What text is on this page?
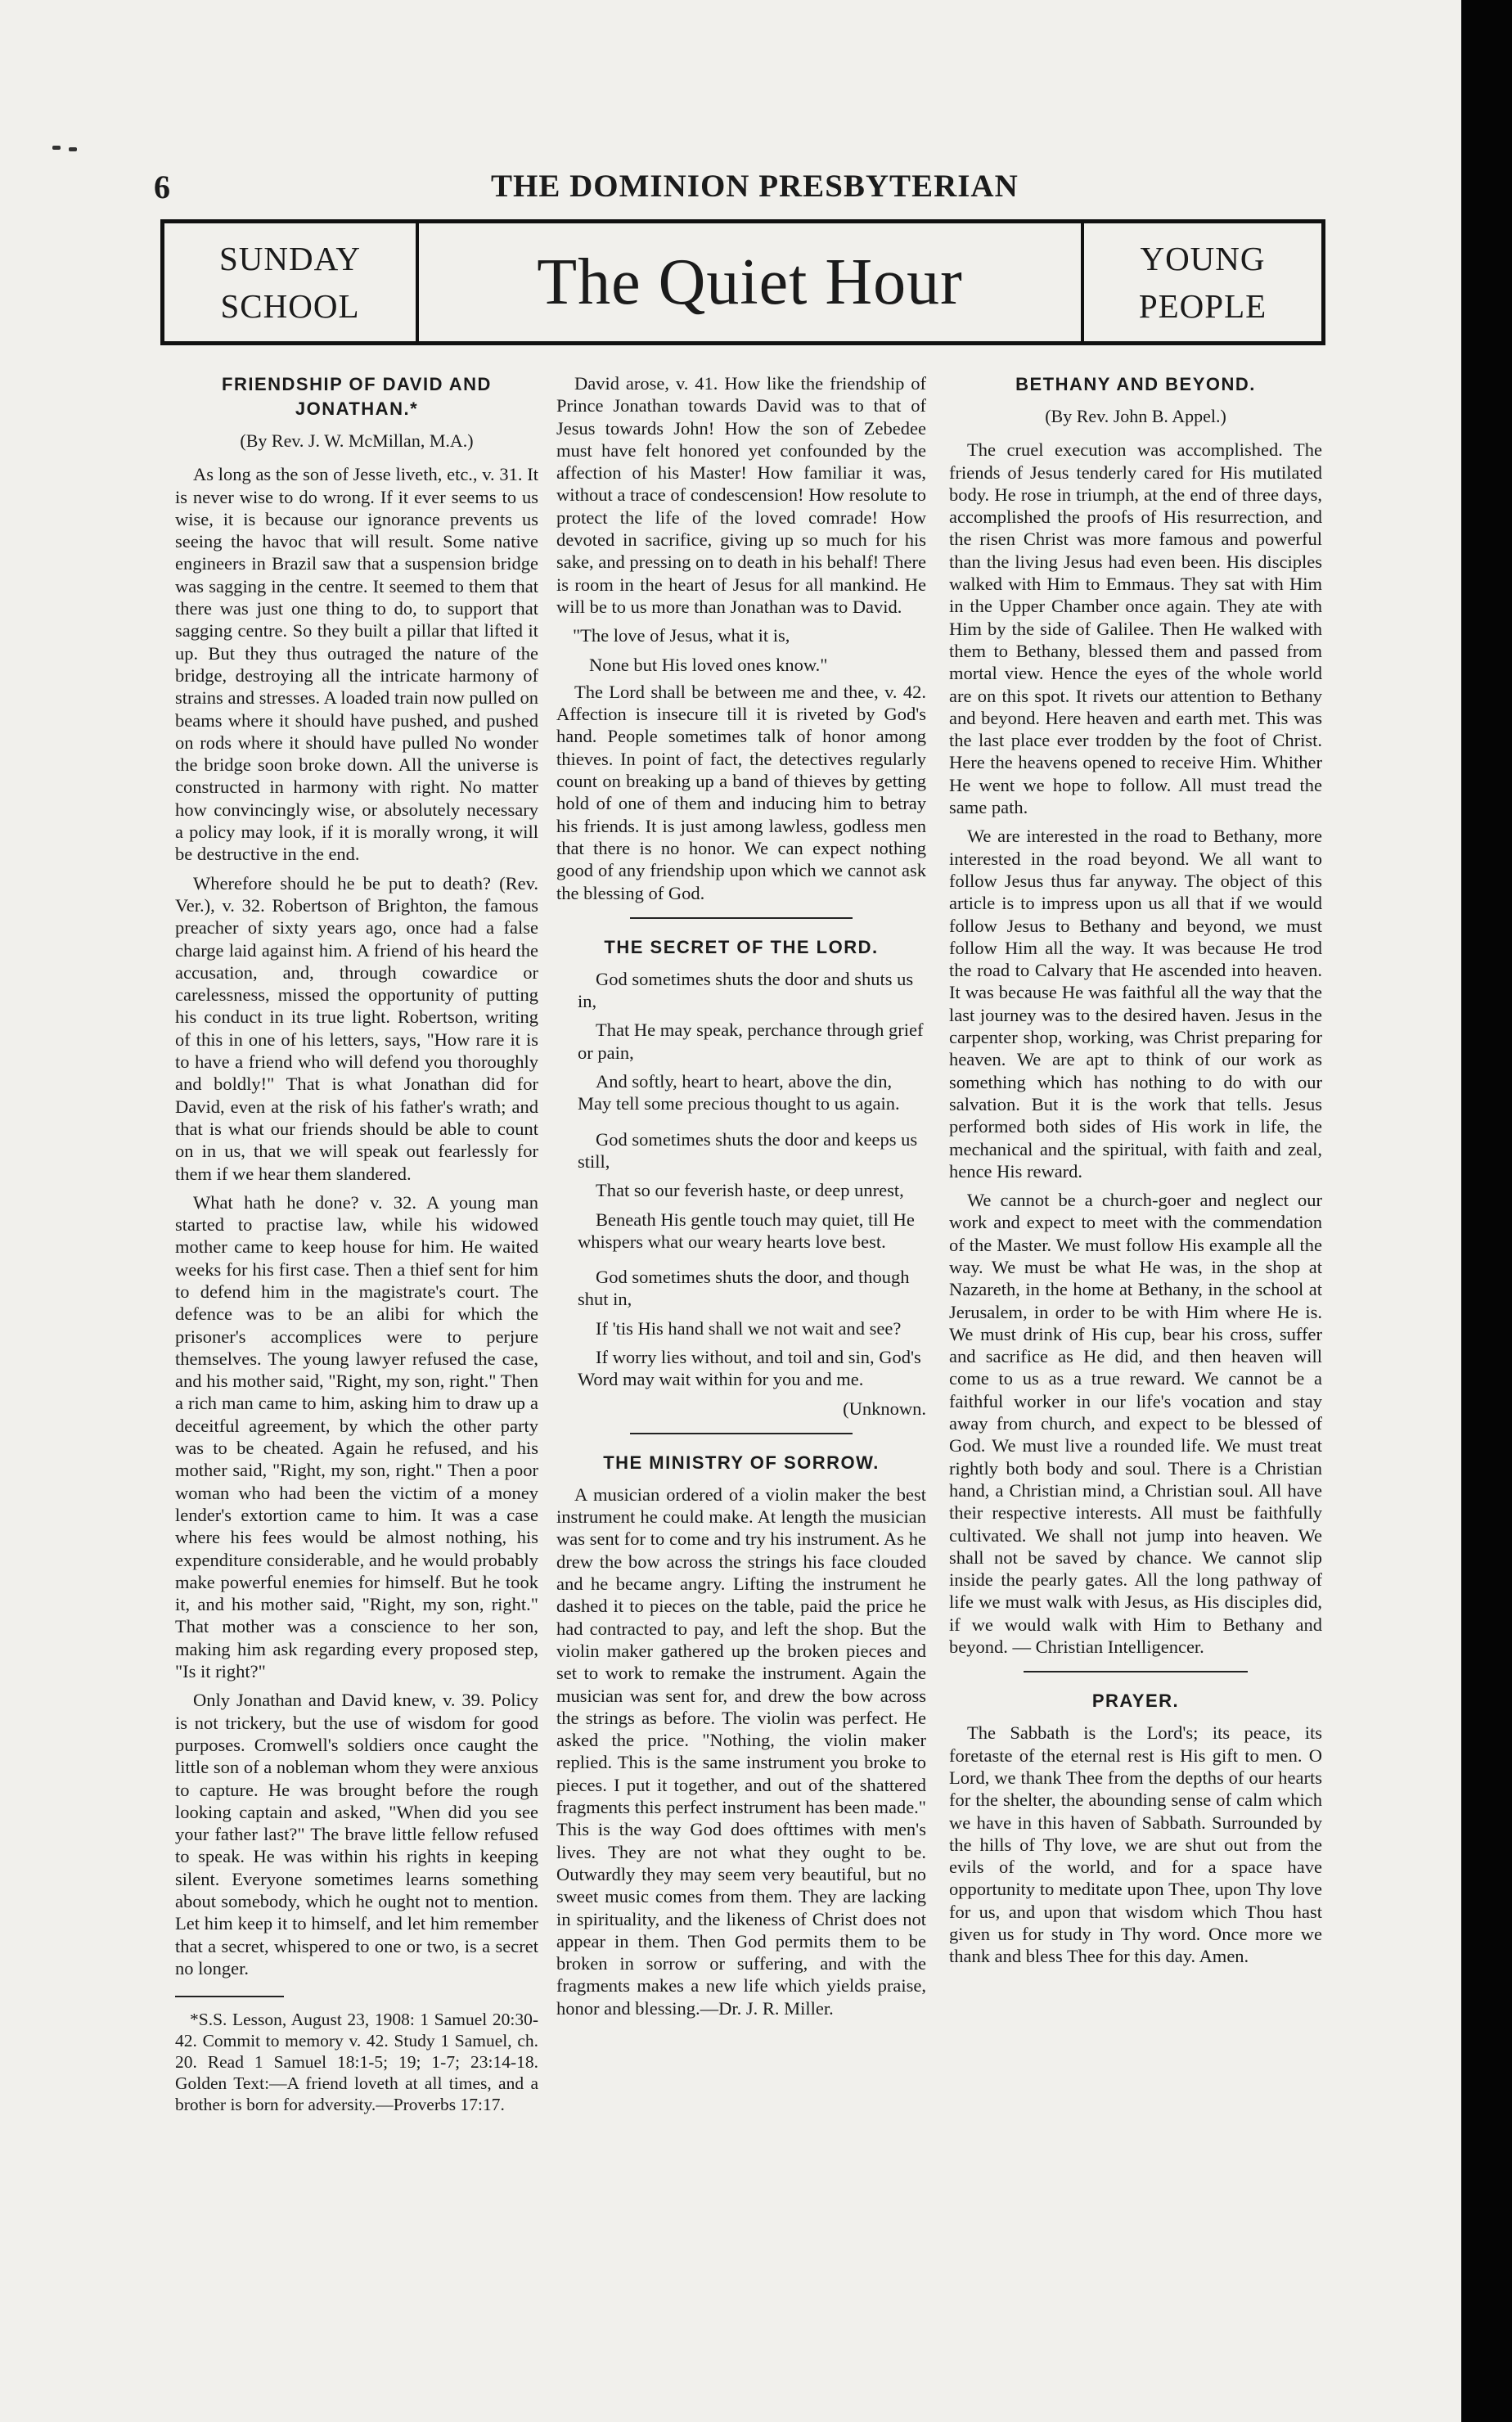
6	THE DOMINION PRESBYTERIAN
SUNDAY
SCHOOL	The Quiet Hour	YOUNG
PEOPLE
FRIENDSHIP OF DAVID AND JONATHAN.*
(By Rev. J. W. McMillan, M.A.)

As long as the son of Jesse liveth, etc., v. 31. It is never wise to do wrong. If it ever seems to us wise, it is because our ignorance prevents us seeing the havoc that will result. Some native engineers in Brazil saw that a suspension bridge was sagging in the centre. It seemed to them that there was just one thing to do, to support that sagging centre. So they built a pillar that lifted it up. But they thus outraged the nature of the bridge, destroying all the intricate harmony of strains and stresses. A loaded train now pulled on beams where it should have pushed, and pushed on rods where it should have pulled No wonder the bridge soon broke down. All the universe is constructed in harmony with right. No matter how convincingly wise, or absolutely necessary a policy may look, if it is morally wrong, it will be destructive in the end.

Wherefore should he be put to death? (Rev. Ver.), v. 32. Robertson of Brighton, the famous preacher of sixty years ago, once had a false charge laid against him. A friend of his heard the accusation, and, through cowardice or carelessness, missed the opportunity of putting his conduct in its true light. Robertson, writing of this in one of his letters, says, "How rare it is to have a friend who will defend you thoroughly and boldly!" That is what Jonathan did for David, even at the risk of his father's wrath; and that is what our friends should be able to count on in us, that we will speak out fearlessly for them if we hear them slandered.

What hath he done? v. 32. A young man started to practise law, while his widowed mother came to keep house for him. He waited weeks for his first case. Then a thief sent for him to defend him in the magistrate's court. The defence was to be an alibi for which the prisoner's accomplices were to perjure themselves. The young lawyer refused the case, and his mother said, "Right, my son, right." Then a rich man came to him, asking him to draw up a deceitful agreement, by which the other party was to be cheated. Again he refused, and his mother said, "Right, my son, right." Then a poor woman who had been the victim of a money lender's extortion came to him. It was a case where his fees would be almost nothing, his expenditure considerable, and he would probably make powerful enemies for himself. But he took it, and his mother said, "Right, my son, right." That mother was a conscience to her son, making him ask regarding every proposed step, "Is it right?"

Only Jonathan and David knew, v. 39. Policy is not trickery, but the use of wisdom for good purposes. Cromwell's soldiers once caught the little son of a nobleman whom they were anxious to capture. He was brought before the rough looking captain and asked, "When did you see your father last?" The brave little fellow refused to speak. He was within his rights in keeping silent. Everyone sometimes learns something about somebody, which he ought not to mention. Let him keep it to himself, and let him remember that a secret, whispered to one or two, is a secret no longer.

*S.S. Lesson, August 23, 1908: 1 Samuel 20:30-42. Commit to memory v. 42. Study 1 Samuel, ch. 20. Read 1 Samuel 18:1-5; 19; 1-7; 23:14-18. Golden Text:—A friend loveth at all times, and a brother is born for adversity.—Proverbs 17:17.

David arose, v. 41. How like the friendship of Prince Jonathan towards David was to that of Jesus towards John! How the son of Zebedee must have felt honored yet confounded by the affection of his Master! How familiar it was, without a trace of condescension! How resolute to protect the life of the loved comrade! How devoted in sacrifice, giving up so much for his sake, and pressing on to death in his behalf! There is room in the heart of Jesus for all mankind. He will be to us more than Jonathan was to David.

"The love of Jesus, what it is,

None but His loved ones know."

The Lord shall be between me and thee, v. 42. Affection is insecure till it is riveted by God's hand. People sometimes talk of honor among thieves. In point of fact, the detectives regularly count on breaking up a band of thieves by getting hold of one of them and inducing him to betray his friends. It is just among lawless, godless men that there is no honor. We can expect nothing good of any friendship upon which we cannot ask the blessing of God.

THE SECRET OF THE LORD.

God sometimes shuts the door and shuts us in,

That He may speak, perchance through grief or pain,

And softly, heart to heart, above the din, May tell some precious thought to us again.

God sometimes shuts the door and keeps us still,

That so our feverish haste, or deep unrest,

Beneath His gentle touch may quiet, till He whispers what our weary hearts love best.

God sometimes shuts the door, and though shut in,

If 'tis His hand shall we not wait and see?

If worry lies without, and toil and sin, God's Word may wait within for you and me.

(Unknown.
THE MINISTRY OF SORROW.

A musician ordered of a violin maker the best instrument he could make. At length the musician was sent for to come and try his instrument. As he drew the bow across the strings his face clouded and he became angry. Lifting the instrument he dashed it to pieces on the table, paid the price he had contracted to pay, and left the shop. But the violin maker gathered up the broken pieces and set to work to remake the instrument. Again the musician was sent for, and drew the bow across the strings as before. The violin was perfect. He asked the price. "Nothing, the violin maker replied. This is the same instrument you broke to pieces. I put it together, and out of the shattered fragments this perfect instrument has been made." This is the way God does ofttimes with men's lives. They are not what they ought to be. Outwardly they may seem very beautiful, but no sweet music comes from them. They are lacking in spirituality, and the likeness of Christ does not appear in them. Then God permits them to be broken in sorrow or suffering, and with the fragments makes a new life which yields praise, honor and blessing.—Dr. J. R. Miller.

BETHANY AND BEYOND.
(By Rev. John B. Appel.)

The cruel execution was accomplished. The friends of Jesus tenderly cared for His mutilated body. He rose in triumph, at the end of three days, accomplished the proofs of His resurrection, and the risen Christ was more famous and powerful than the living Jesus had even been. His disciples walked with Him to Emmaus. They sat with Him in the Upper Chamber once again. They ate with Him by the side of Galilee. Then He walked with them to Bethany, blessed them and passed from mortal view. Hence the eyes of the whole world are on this spot. It rivets our attention to Bethany and beyond. Here heaven and earth met. This was the last place ever trodden by the foot of Christ. Here the heavens opened to receive Him. Whither He went we hope to follow. All must tread the same path.

We are interested in the road to Bethany, more interested in the road beyond. We all want to follow Jesus thus far anyway. The object of this article is to impress upon us all that if we would follow Jesus to Bethany and beyond, we must follow Him all the way. It was because He trod the road to Calvary that He ascended into heaven. It was because He was faithful all the way that the last journey was to the desired haven. Jesus in the carpenter shop, working, was Christ preparing for heaven. We are apt to think of our work as something which has nothing to do with our salvation. But it is the work that tells. Jesus performed both sides of His work in life, the mechanical and the spiritual, with faith and zeal, hence His reward.

We cannot be a church-goer and neglect our work and expect to meet with the commendation of the Master. We must follow His example all the way. We must be what He was, in the shop at Nazareth, in the home at Bethany, in the school at Jerusalem, in order to be with Him where He is. We must drink of His cup, bear his cross, suffer and sacrifice as He did, and then heaven will come to us as a true reward. We cannot be a faithful worker in our life's vocation and stay away from church, and expect to be blessed of God. We must live a rounded life. We must treat rightly both body and soul. There is a Christian hand, a Christian mind, a Christian soul. All have their respective interests. All must be faithfully cultivated. We shall not jump into heaven. We shall not be saved by chance. We cannot slip inside the pearly gates. All the long pathway of life we must walk with Jesus, as His disciples did, if we would walk with Him to Bethany and beyond. — Christian Intelligencer.

PRAYER.

The Sabbath is the Lord's; its peace, its foretaste of the eternal rest is His gift to men. O Lord, we thank Thee from the depths of our hearts for the shelter, the abounding sense of calm which we have in this haven of Sabbath. Surrounded by the hills of Thy love, we are shut out from the evils of the world, and for a space have opportunity to meditate upon Thee, upon Thy love for us, and upon that wisdom which Thou hast given us for study in Thy word. Once more we thank and bless Thee for this day. Amen.
